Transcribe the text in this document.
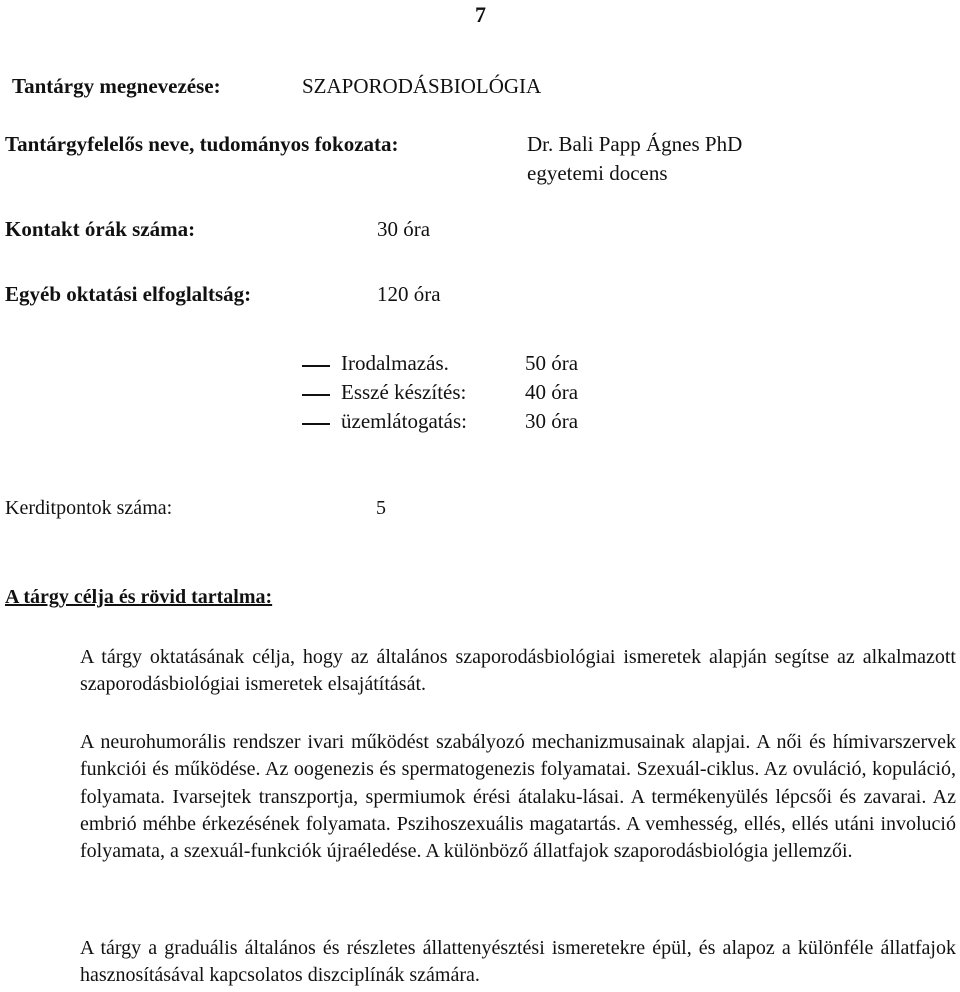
7
Tantárgy megnevezése:	SZAPORODÁSBIOLÓGIA
Tantárgyfelelős neve, tudományos fokozata:	Dr. Bali Papp Ágnes PhD
egyetemi docens
Kontakt órák száma:	30 óra
Egyéb oktatási elfoglaltság:	120 óra
Irodalmazás.	50 óra
Esszé készítés:	40 óra
üzemlátogatás:	30 óra
Kerditpontok száma:	5
A tárgy célja és rövid tartalma:
A tárgy oktatásának célja, hogy az általános szaporodásbiológiai ismeretek alapján segítse az alkalmazott szaporodásbiológiai ismeretek elsajátítását.
A neurohumorális rendszer ivari működést szabályozó mechanizmusainak alapjai. A női és hímivarszervek funkciói és működése. Az oogenezis és spermatogenezis folyamatai. Szexuál-ciklus. Az ovuláció, kopuláció, folyamata. Ivarsejtek transzportja, spermiumok érési átalaku-lásai. A termékenyülés lépcsői és zavarai. Az embrió méhbe érkezésének folyamata. Pszihoszexuális magatartás. A vemhesség, ellés, ellés utáni involució folyamata, a szexuál-funkciók újraéledése. A különböző állatfajok szaporodásbiológia jellemzői.
A tárgy a graduális általános és részletes állattenyésztési ismeretekre épül, és alapoz a különféle állatfajok hasznosításával kapcsolatos diszciplínák számára.
